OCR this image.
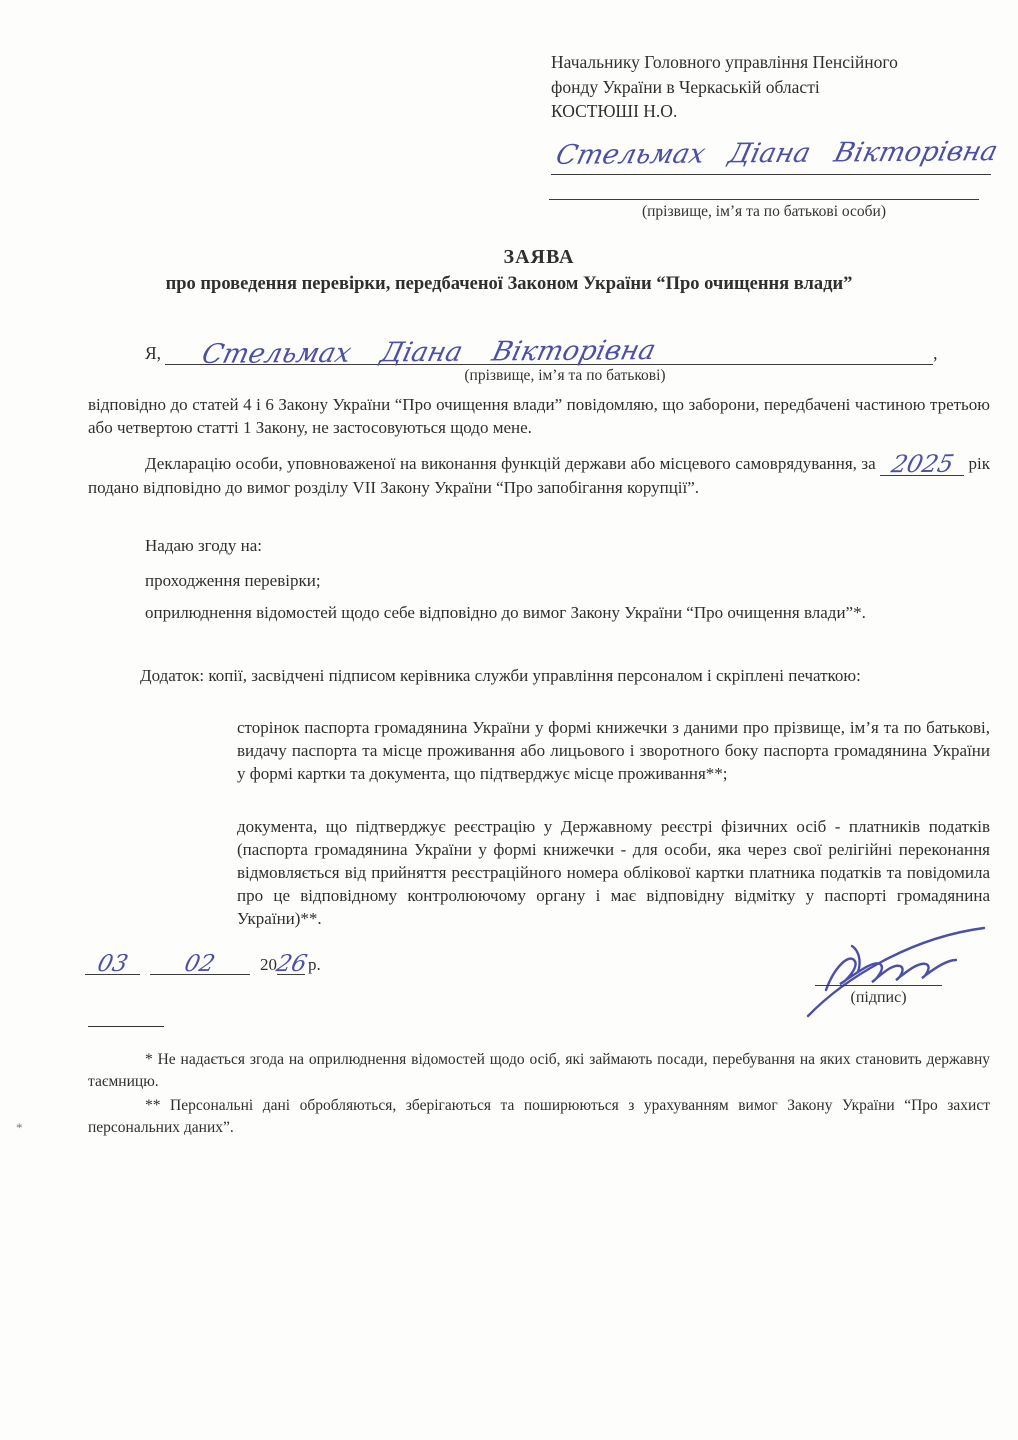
Начальнику Головного управління Пенсійного
фонду України в Черкаській області
КОСТЮШІ Н.О.
Стельмах Діана Вікторівна
(прізвище, ім’я та по батькові особи)
ЗАЯВА
про проведення перевірки, передбаченої Законом України “Про очищення влади”
Я, Стельмах Діана Вікторівна	,
(прізвище, ім’я та по батькові)

відповідно до статей 4 і 6 Закону України “Про очищення влади” повідомляю, що заборони, передбачені частиною третьою або четвертою статті 1 Закону, не застосовуються щодо мене.

Декларацію особи, уповноваженої на виконання функцій держави або місцевого самоврядування, за 2025 рік подано відповідно до вимог розділу VII Закону України “Про запобігання корупції”.

Надаю згоду на:
проходження перевірки;

оприлюднення відомостей щодо себе відповідно до вимог Закону України “Про очищення влади”*.

Додаток: копії, засвідчені підписом керівника служби управління персоналом і скріплені печаткою:

сторінок паспорта громадянина України у формі книжечки з даними про прізвище, ім’я та по батькові, видачу паспорта та місце проживання або лицьового і зворотного боку паспорта громадянина України у формі картки та документа, що підтверджує місце проживання**;

документа, що підтверджує реєстрацію у Державному реєстрі фізичних осіб - платників податків (паспорта громадянина України у формі книжечки - для особи, яка через свої релігійні переконання відмовляється від прийняття реєстраційного номера облікової картки платника податків та повідомила про це відповідному контролюючому органу і має відповідну відмітку у паспорті громадянина України)**.

03	02	20
26
р.
(підпис)

* Не надається згода на оприлюднення відомостей щодо осіб, які займають посади, перебування на яких становить державну таємницю.

** Персональні дані обробляються, зберігаються та поширюються з урахуванням вимог Закону України “Про захист персональних даних”.

*
